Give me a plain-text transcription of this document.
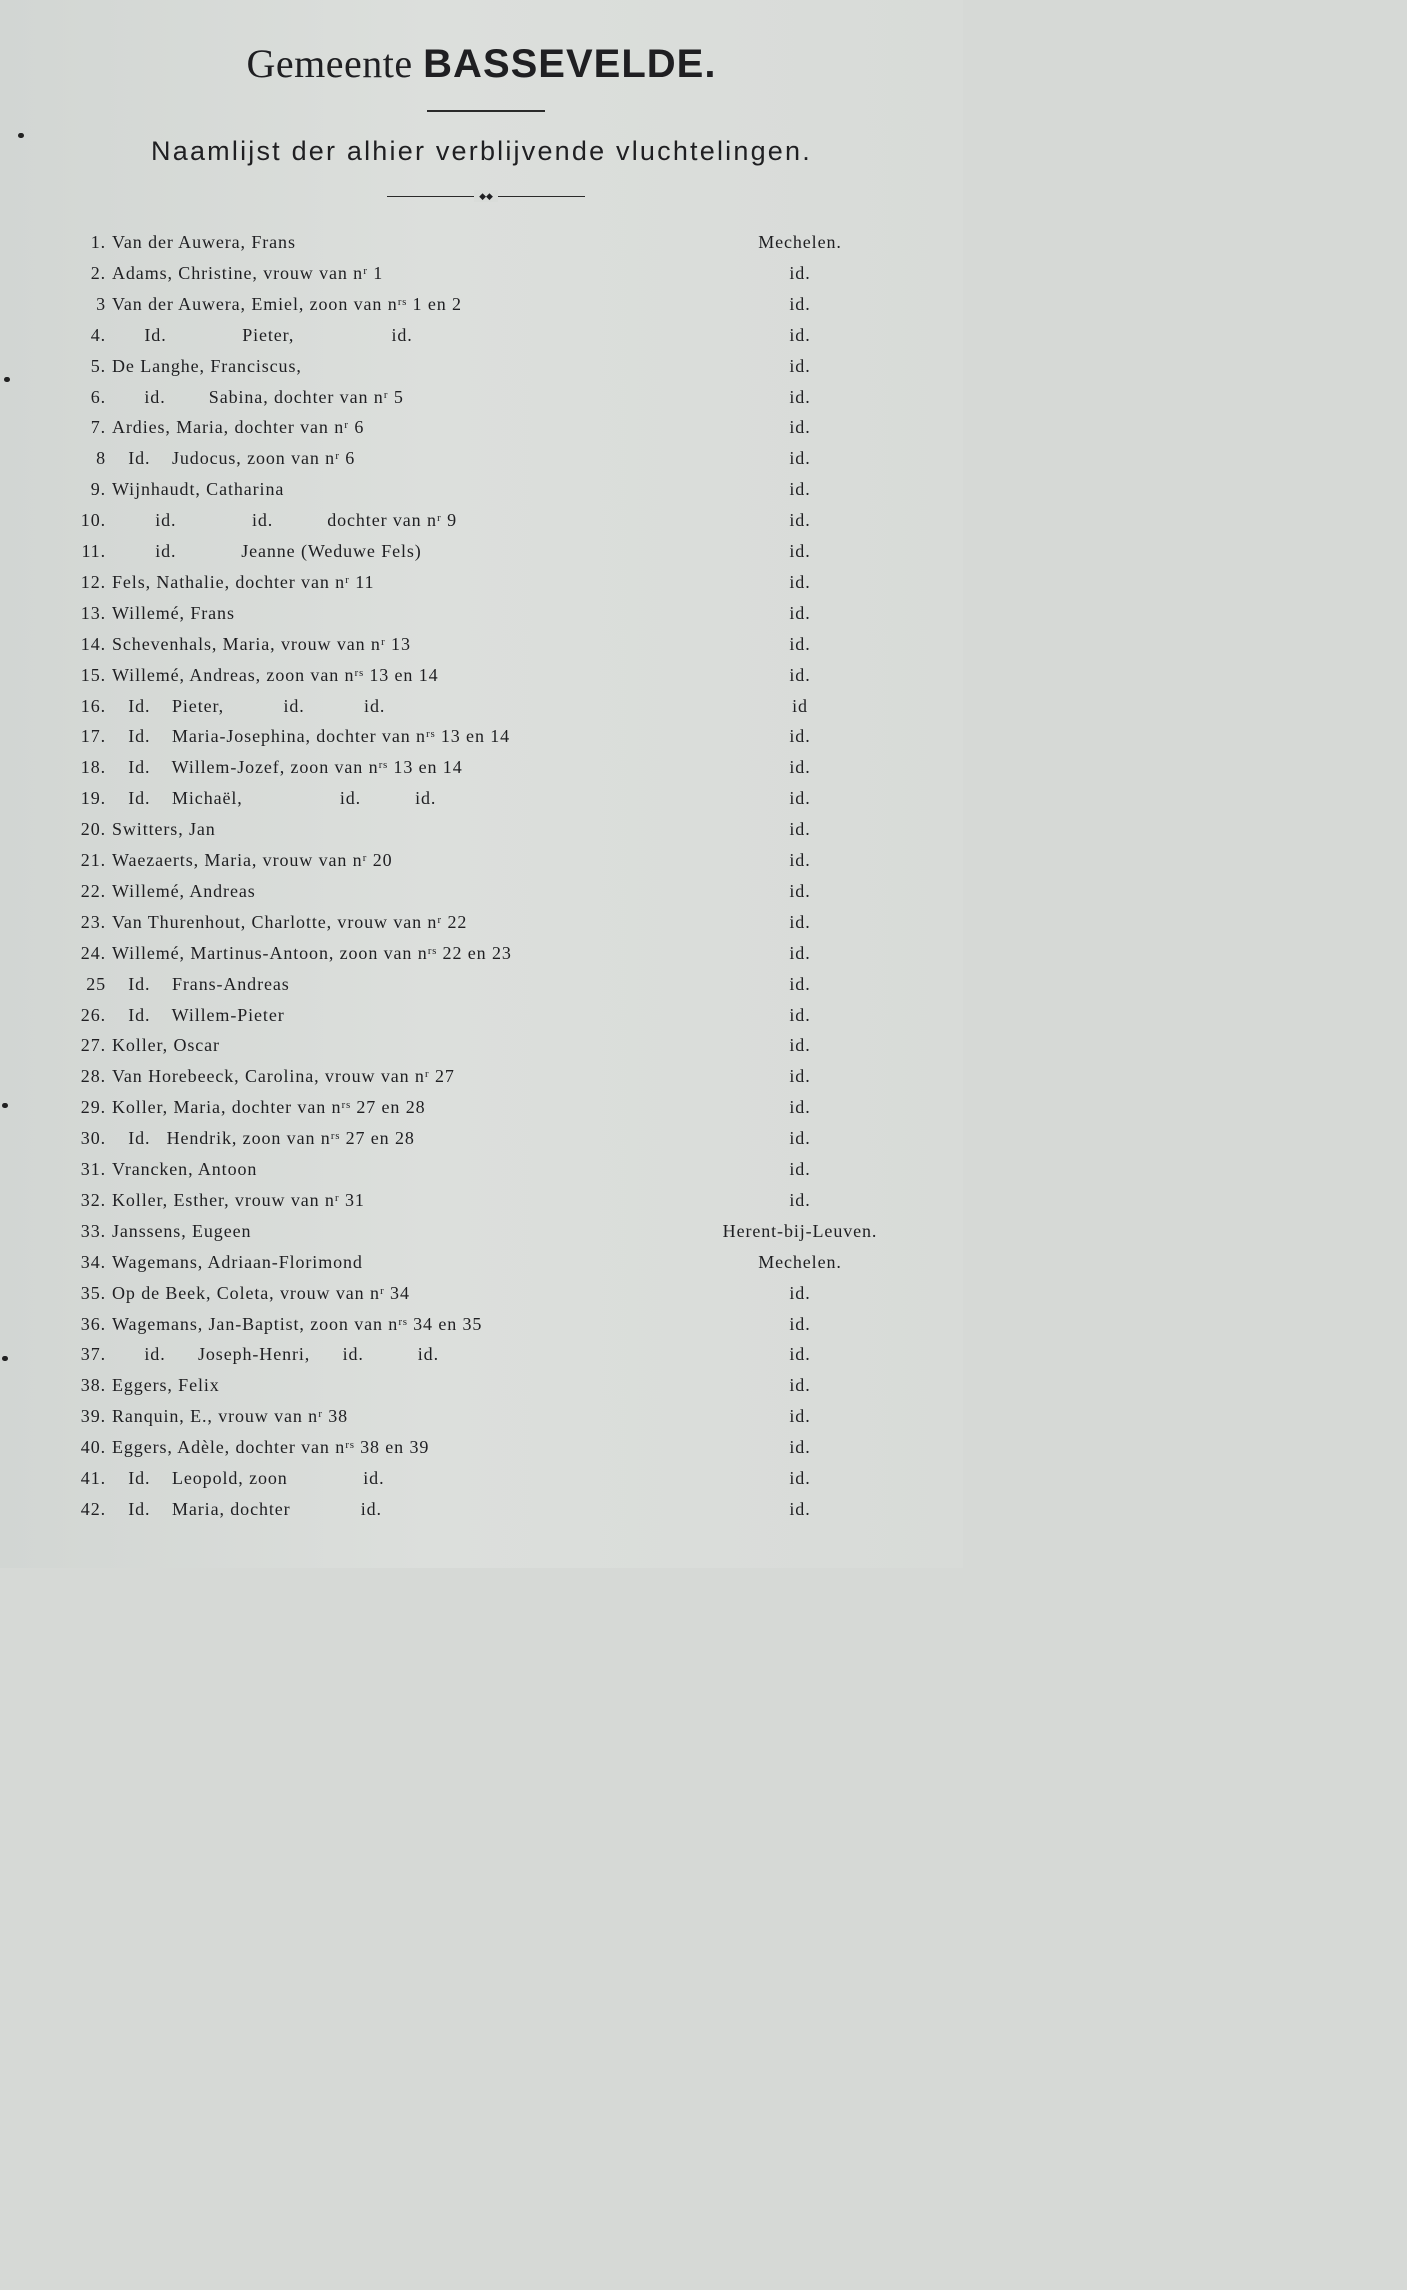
Gemeente BASSEVELDE.
Naamlijst der alhier verblijvende vluchtelingen.
◆◆
1. Van der Auwera, Frans	Mechelen.
2. Adams, Christine, vrouw van nʳ 1	id.
3 Van der Auwera, Emiel, zoon van nʳˢ 1 en 2	id.
4. Id.              Pieter,                  id.	id.
5. De Langhe, Franciscus,	id.
6. id.        Sabina, dochter van nʳ 5	id.
7. Ardies, Maria, dochter van nʳ 6	id.
8 Id.    Judocus, zoon van nʳ 6	id.
9. Wijnhaudt, Catharina	id.
10. id.              id.          dochter van nʳ 9	id.
11. id.            Jeanne (Weduwe Fels)	id.
12. Fels, Nathalie, dochter van nʳ 11	id.
13. Willemé, Frans	id.
14. Schevenhals, Maria, vrouw van nʳ 13	id.
15. Willemé, Andreas, zoon van nʳˢ 13 en 14	id.
16. Id.    Pieter,           id.           id.	id
17. Id.    Maria-Josephina, dochter van nʳˢ 13 en 14	id.
18. Id.    Willem-Jozef, zoon van nʳˢ 13 en 14	id.
19. Id.    Michaël,                  id.          id.	id.
20. Switters, Jan	id.
21. Waezaerts, Maria, vrouw van nʳ 20	id.
22. Willemé, Andreas	id.
23. Van Thurenhout, Charlotte, vrouw van nʳ 22	id.
24. Willemé, Martinus-Antoon, zoon van nʳˢ 22 en 23	id.
25 Id.    Frans-Andreas	id.
26. Id.    Willem-Pieter	id.
27. Koller, Oscar	id.
28. Van Horebeeck, Carolina, vrouw van nʳ 27	id.
29. Koller, Maria, dochter van nʳˢ 27 en 28	id.
30. Id.   Hendrik, zoon van nʳˢ 27 en 28	id.
31. Vrancken, Antoon	id.
32. Koller, Esther, vrouw van nʳ 31	id.
33. Janssens, Eugeen	Herent-bij-Leuven.
34. Wagemans, Adriaan-Florimond	Mechelen.
35. Op de Beek, Coleta, vrouw van nʳ 34	id.
36. Wagemans, Jan-Baptist, zoon van nʳˢ 34 en 35	id.
37. id.      Joseph-Henri,      id.          id.	id.
38. Eggers, Felix	id.
39. Ranquin, E., vrouw van nʳ 38	id.
40. Eggers, Adèle, dochter van nʳˢ 38 en 39	id.
41. Id.    Leopold, zoon              id.	id.
42. Id.    Maria, dochter             id.	id.
